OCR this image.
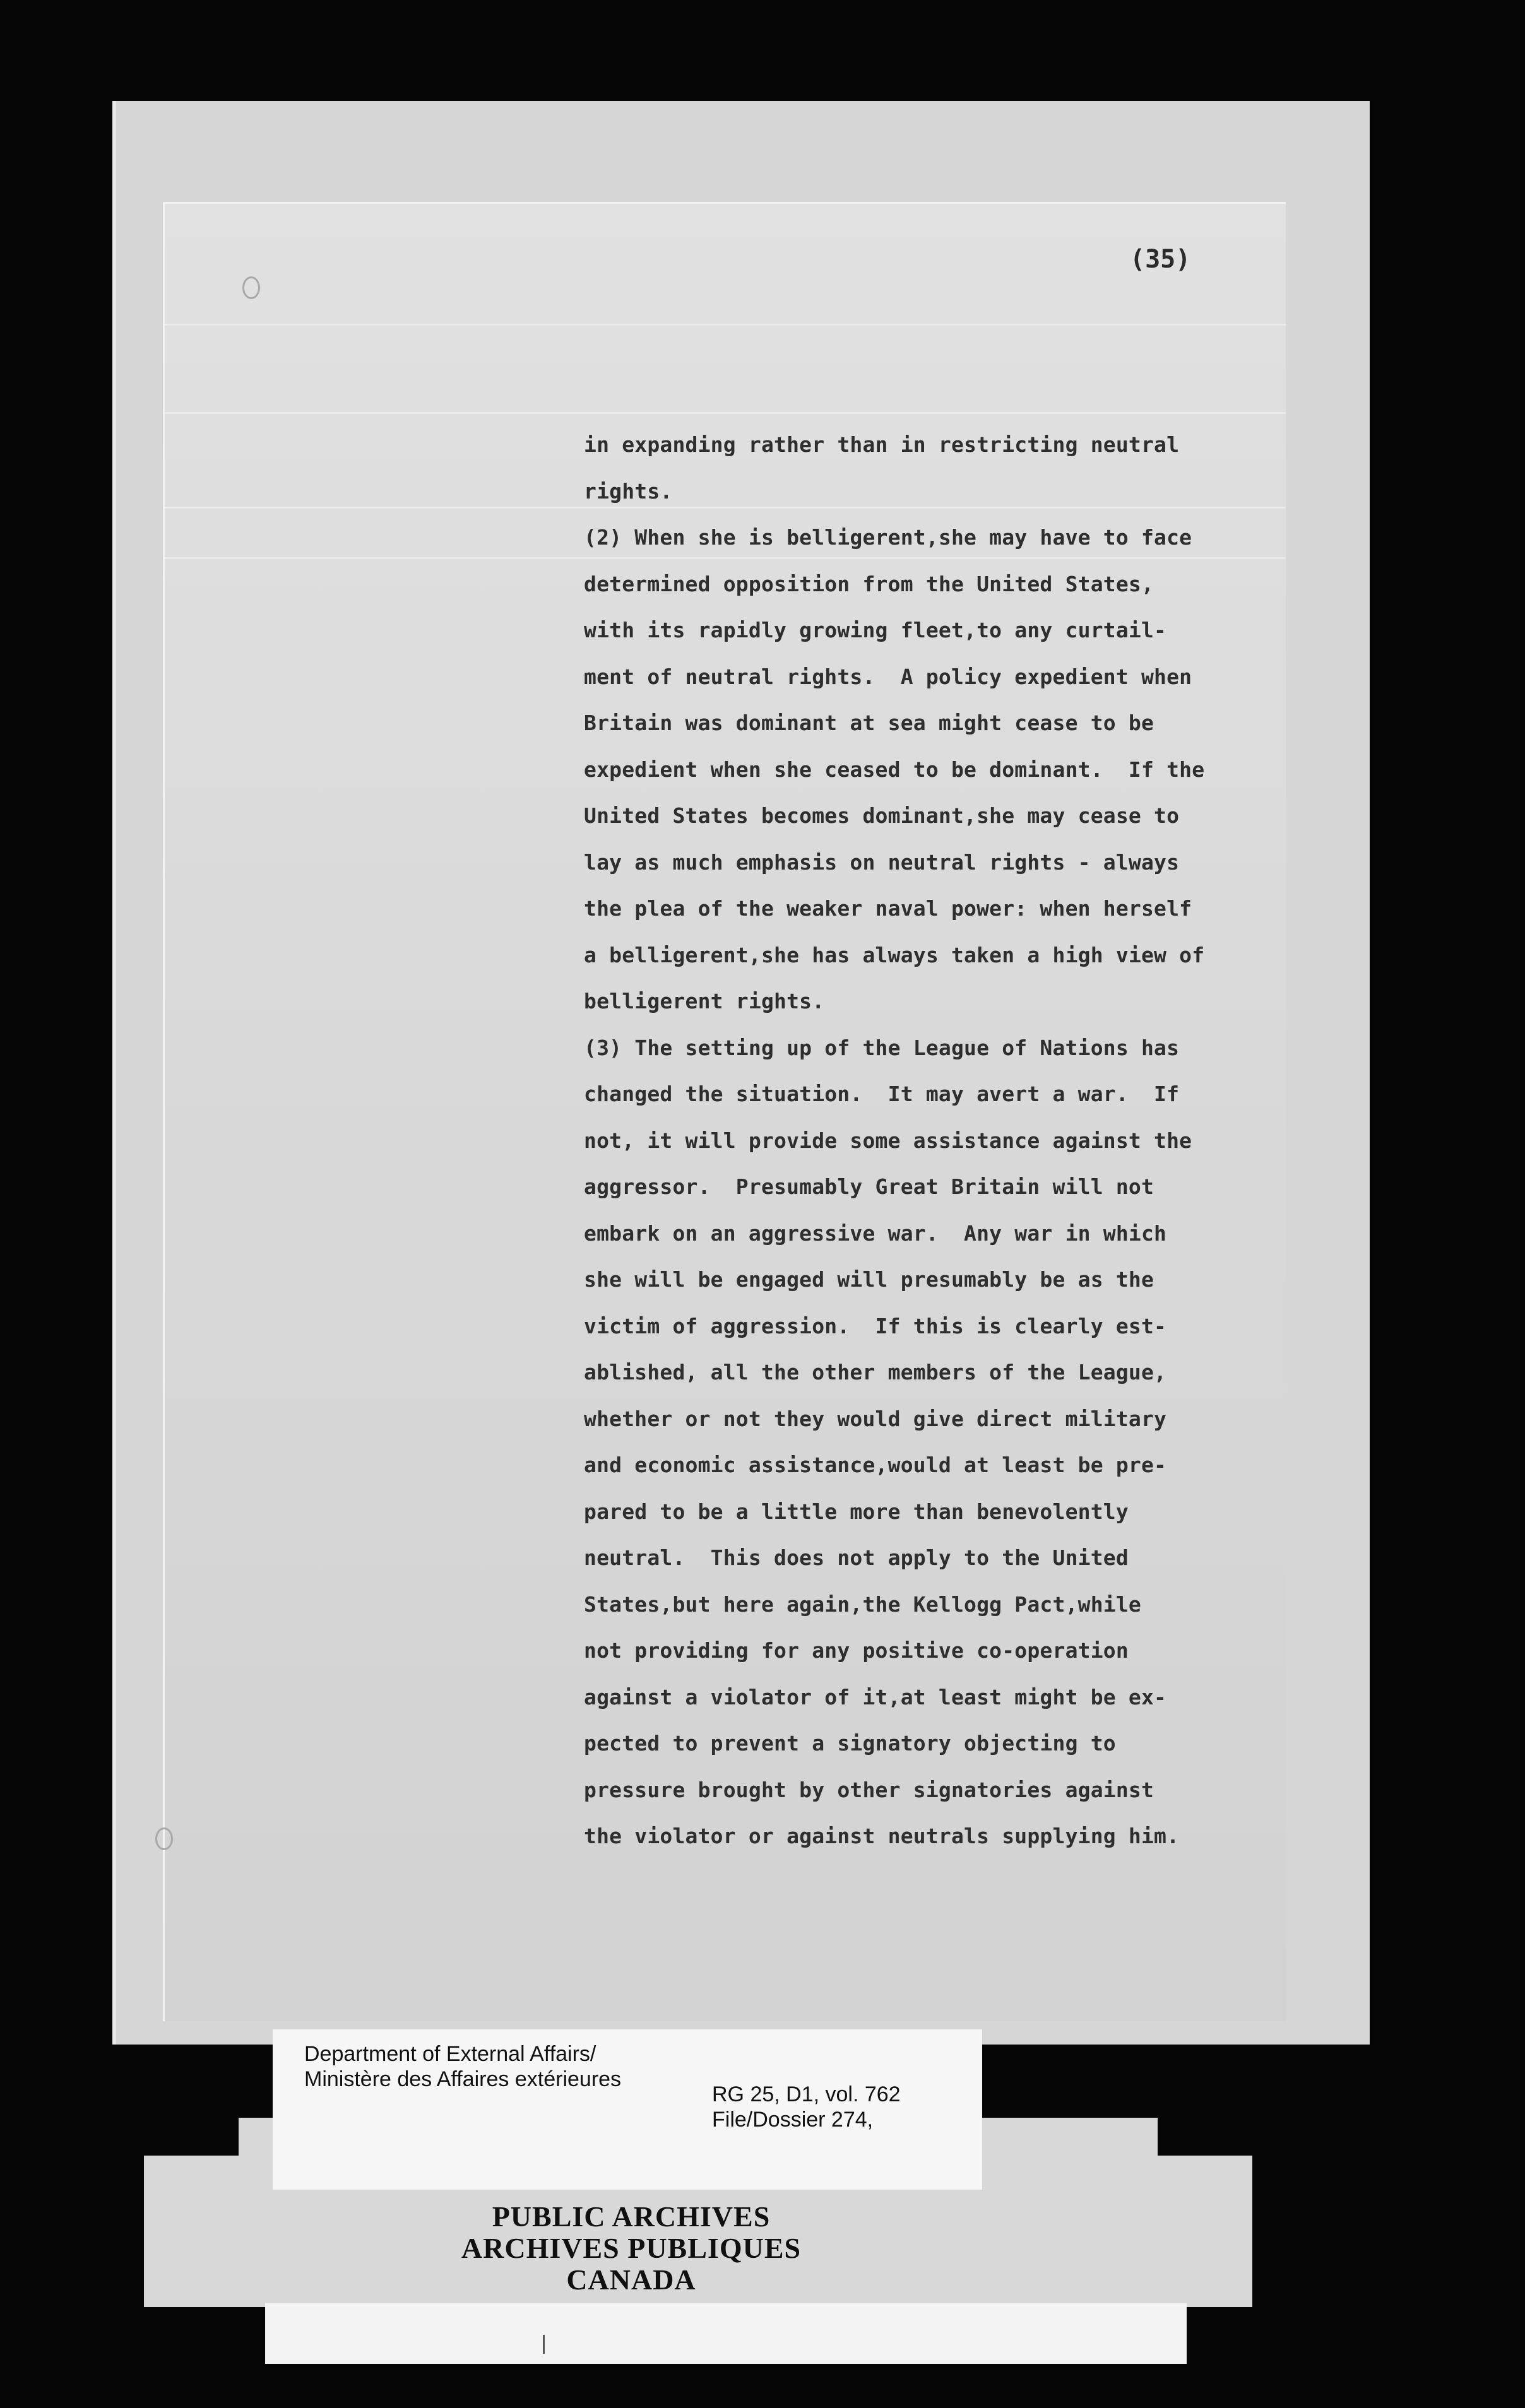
(35)
in expanding rather than in restricting neutral
rights.
(2) When she is belligerent,she may have to face
determined opposition from the United States,
with its rapidly growing fleet,to any curtail-
ment of neutral rights.  A policy expedient when
Britain was dominant at sea might cease to be
expedient when she ceased to be dominant.  If the
United States becomes dominant,she may cease to
lay as much emphasis on neutral rights - always
the plea of the weaker naval power: when herself
a belligerent,she has always taken a high view of
belligerent rights.
(3) The setting up of the League of Nations has
changed the situation.  It may avert a war.  If
not, it will provide some assistance against the
aggressor.  Presumably Great Britain will not
embark on an aggressive war.  Any war in which
she will be engaged will presumably be as the
victim of aggression.  If this is clearly est-
ablished, all the other members of the League,
whether or not they would give direct military
and economic assistance,would at least be pre-
pared to be a little more than benevolently
neutral.  This does not apply to the United
States,but here again,the Kellogg Pact,while
not providing for any positive co-operation
against a violator of it,at least might be ex-
pected to prevent a signatory objecting to
pressure brought by other signatories against
the violator or against neutrals supplying him.
Department of External Affairs/
Ministère des Affaires extérieures
RG 25, D1, vol. 762
File/Dossier 274,
PUBLIC ARCHIVES
ARCHIVES PUBLIQUES
CANADA
